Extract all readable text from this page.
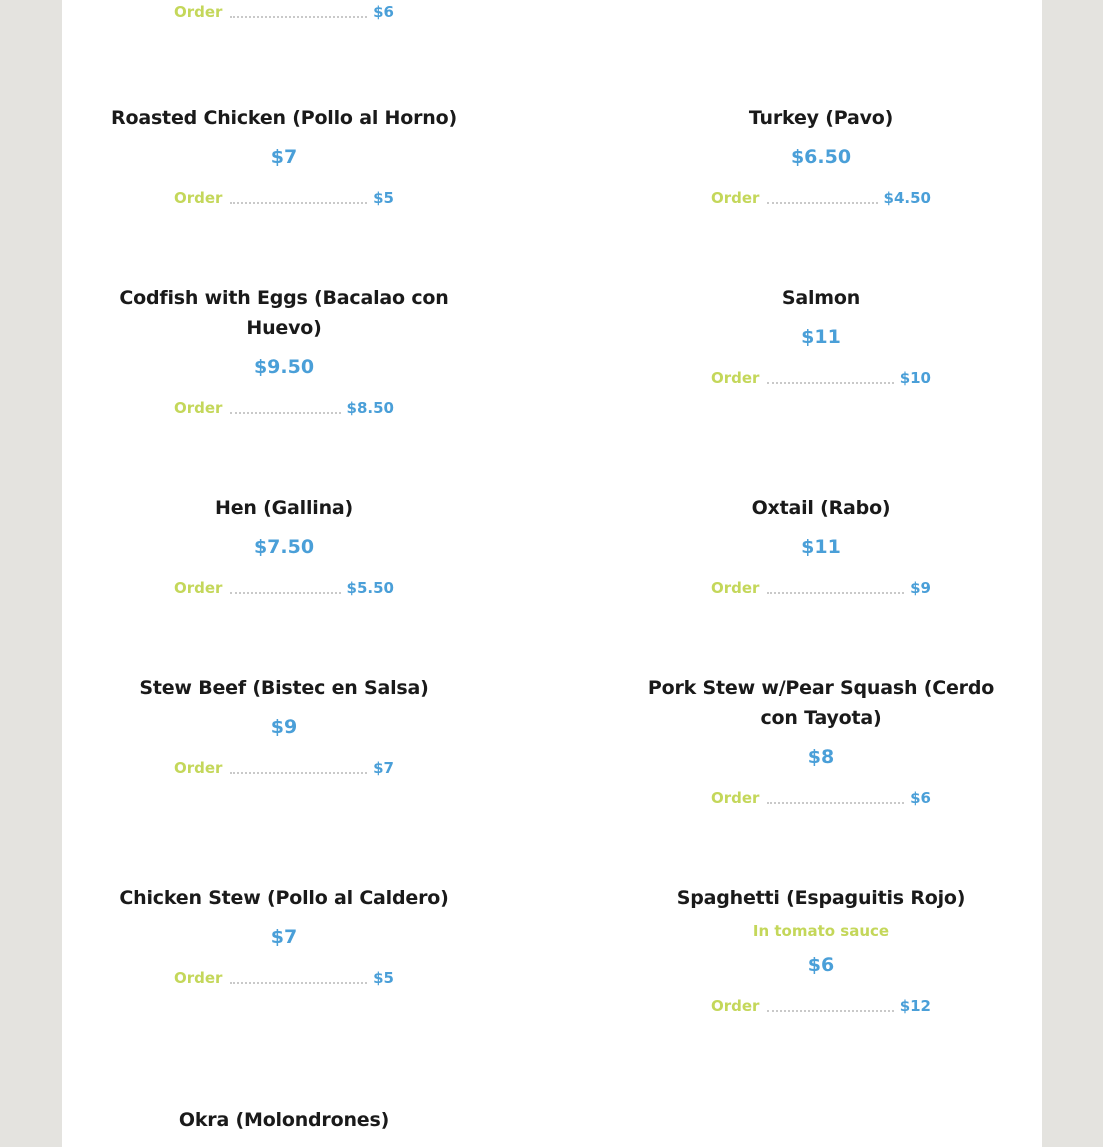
Order	$6
Roasted Chicken (Pollo al Horno)
$7
Order	$5
Turkey (Pavo)
$6.50
Order	$4.50
Codfish with Eggs (Bacalao con Huevo)
$9.50
Order	$8.50
Salmon
$11
Order	$10
Hen (Gallina)
$7.50
Order	$5.50
Oxtail (Rabo)
$11
Order	$9
Stew Beef (Bistec en Salsa)
$9
Order	$7
Pork Stew w/Pear Squash (Cerdo con Tayota)
$8
Order	$6
Chicken Stew (Pollo al Caldero)
$7
Order	$5
Spaghetti (Espaguitis Rojo)
In tomato sauce
$6
Order	$12
Okra (Molondrones)
